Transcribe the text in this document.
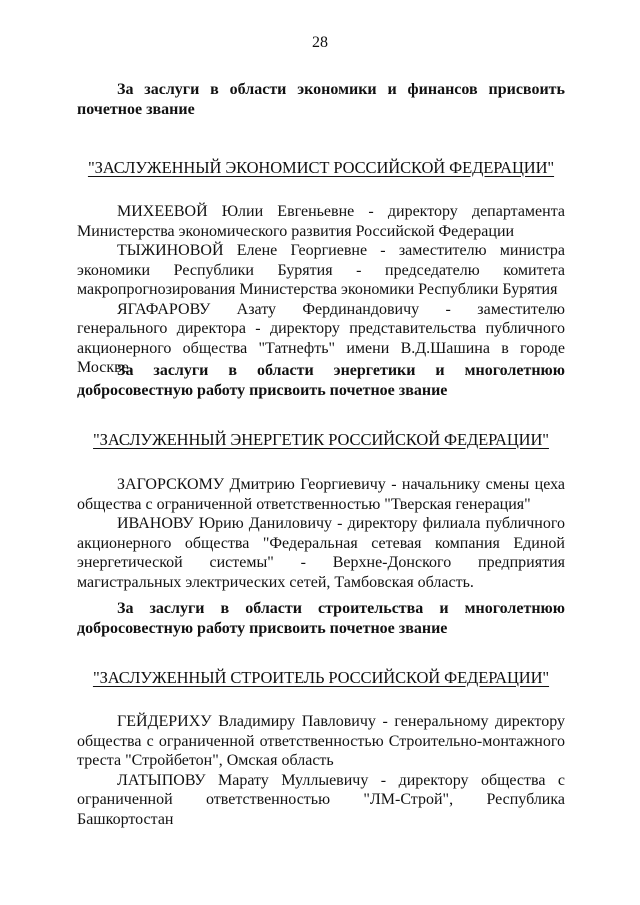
28

За заслуги в области экономики и финансов присвоить почетное звание

"ЗАСЛУЖЕННЫЙ ЭКОНОМИСТ РОССИЙСКОЙ ФЕДЕРАЦИИ"

МИХЕЕВОЙ Юлии Евгеньевне - директору департамента Министерства экономического развития Российской Федерации

ТЫЖИНОВОЙ Елене Георгиевне - заместителю министра экономики Республики Бурятия - председателю комитета макропрогнозирования Министерства экономики Республики Бурятия

ЯГАФАРОВУ Азату Фердинандовичу - заместителю генерального директора - директору представительства публичного акционерного общества "Татнефть" имени В.Д.Шашина в городе Москве.

За заслуги в области энергетики и многолетнюю добросовестную работу присвоить почетное звание

"ЗАСЛУЖЕННЫЙ ЭНЕРГЕТИК РОССИЙСКОЙ ФЕДЕРАЦИИ"

ЗАГОРСКОМУ Дмитрию Георгиевичу - начальнику смены цеха общества с ограниченной ответственностью "Тверская генерация"

ИВАНОВУ Юрию Даниловичу - директору филиала публичного акционерного общества "Федеральная сетевая компания Единой энергетической системы" - Верхне-Донского предприятия магистральных электрических сетей, Тамбовская область.

За заслуги в области строительства и многолетнюю добросовестную работу присвоить почетное звание

"ЗАСЛУЖЕННЫЙ СТРОИТЕЛЬ РОССИЙСКОЙ ФЕДЕРАЦИИ"

ГЕЙДЕРИХУ Владимиру Павловичу - генеральному директору общества с ограниченной ответственностью Строительно-монтажного треста "Стройбетон", Омская область

ЛАТЫПОВУ Марату Муллыевичу - директору общества с ограниченной ответственностью "ЛМ-Строй", Республика Башкортостан
